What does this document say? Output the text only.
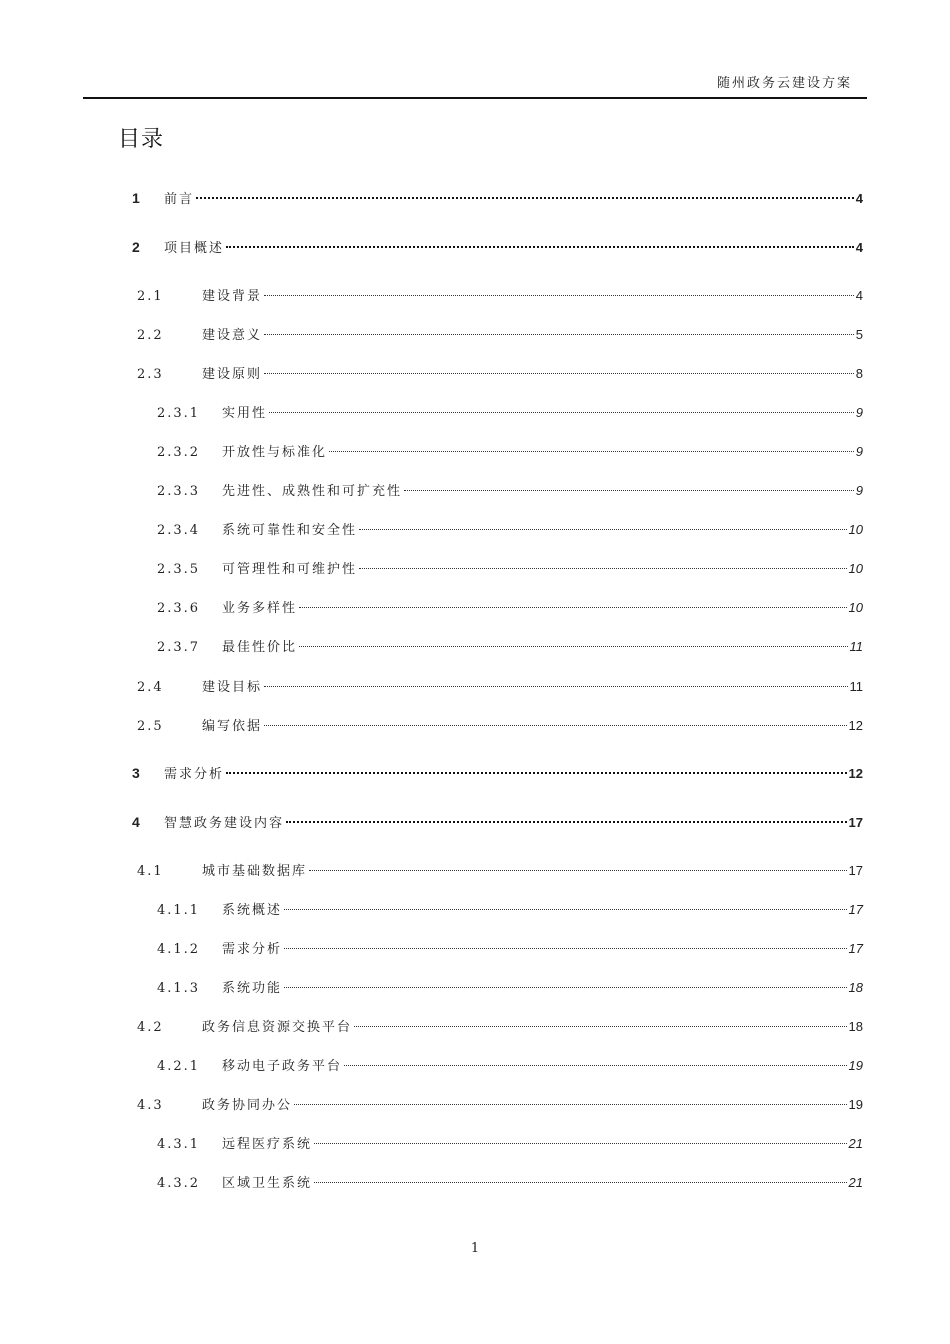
随州政务云建设方案
目录
1	前言	4
2	项目概述	4
2.1	建设背景	4
2.2	建设意义	5
2.3	建设原则	8
2.3.1	实用性	9
2.3.2	开放性与标准化	9
2.3.3	先进性、成熟性和可扩充性	9
2.3.4	系统可靠性和安全性	10
2.3.5	可管理性和可维护性	10
2.3.6	业务多样性	10
2.3.7	最佳性价比	11
2.4	建设目标	11
2.5	编写依据	12
3	需求分析	12
4	智慧政务建设内容	17
4.1	城市基础数据库	17
4.1.1	系统概述	17
4.1.2	需求分析	17
4.1.3	系统功能	18
4.2	政务信息资源交换平台	18
4.2.1	移动电子政务平台	19
4.3	政务协同办公	19
4.3.1	远程医疗系统	21
4.3.2	区域卫生系统	21
1
